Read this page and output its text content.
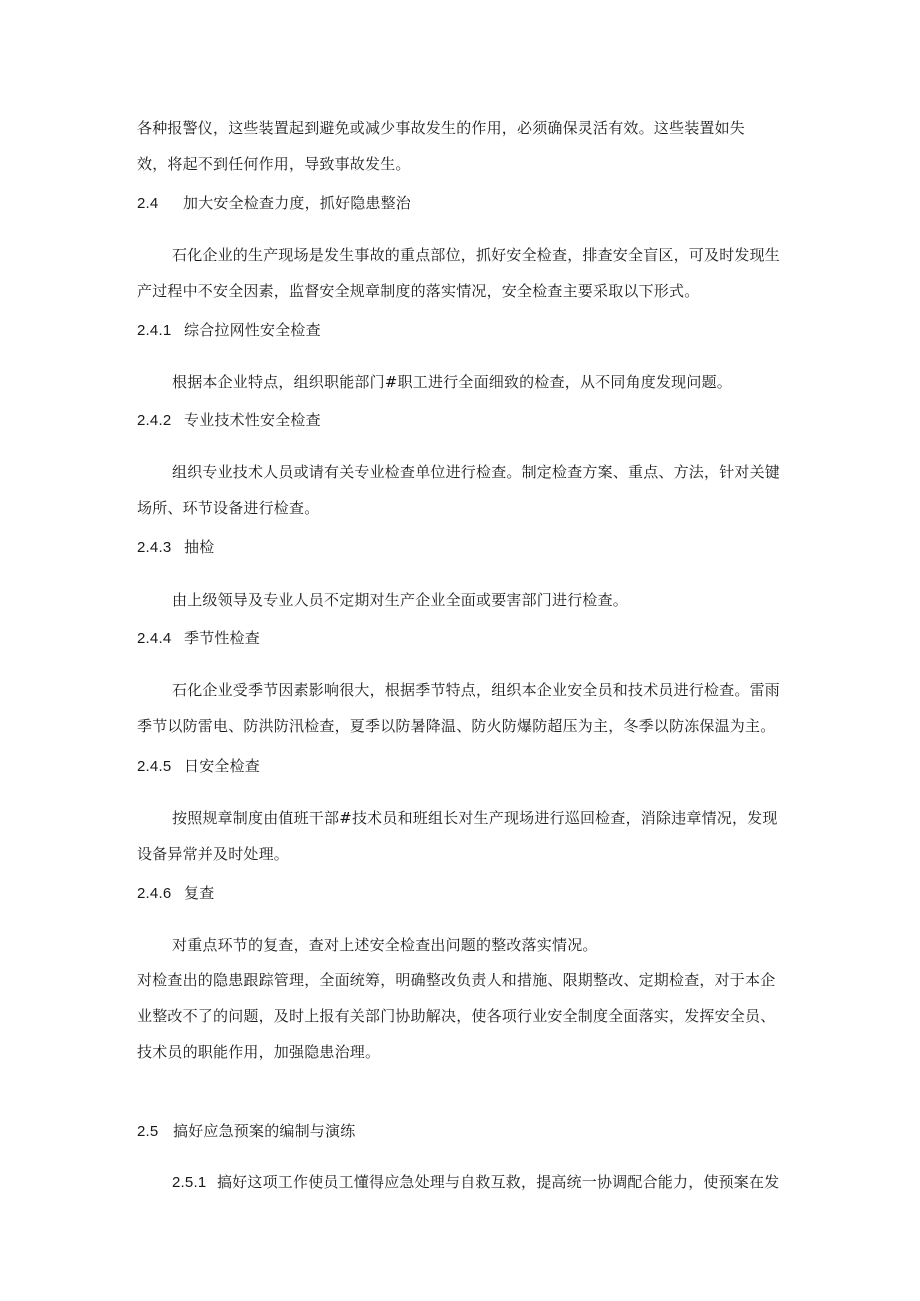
各种报警仪，这些装置起到避免或减少事故发生的作用，必须确保灵活有效。这些装置如失
效，将起不到任何作用，导致事故发生。
2.4 加大安全检查力度，抓好隐患整治
石化企业的生产现场是发生事故的重点部位，抓好安全检查，排查安全盲区，可及时发现生
产过程中不安全因素，监督安全规章制度的落实情况，安全检查主要采取以下形式。
2.4.1 综合拉网性安全检查
根据本企业特点，组织职能部门#职工进行全面细致的检查，从不同角度发现问题。
2.4.2 专业技术性安全检查
组织专业技术人员或请有关专业检查单位进行检查。制定检查方案、重点、方法，针对关键
场所、环节设备进行检查。
2.4.3 抽检
由上级领导及专业人员不定期对生产企业全面或要害部门进行检查。
2.4.4 季节性检查
石化企业受季节因素影响很大，根据季节特点，组织本企业安全员和技术员进行检查。雷雨
季节以防雷电、防洪防汛检查，夏季以防暑降温、防火防爆防超压为主，冬季以防冻保温为主。
2.4.5 日安全检查
按照规章制度由值班干部#技术员和班组长对生产现场进行巡回检查，消除违章情况，发现
设备异常并及时处理。
2.4.6 复查
对重点环节的复查，查对上述安全检查出问题的整改落实情况。
对检查出的隐患跟踪管理，全面统筹，明确整改负责人和措施、限期整改、定期检查，对于本企
业整改不了的问题，及时上报有关部门协助解决，使各项行业安全制度全面落实，发挥安全员、
技术员的职能作用，加强隐患治理。
2.5 搞好应急预案的编制与演练
2.5.1 搞好这项工作使员工懂得应急处理与自救互救，提高统一协调配合能力，使预案在发
